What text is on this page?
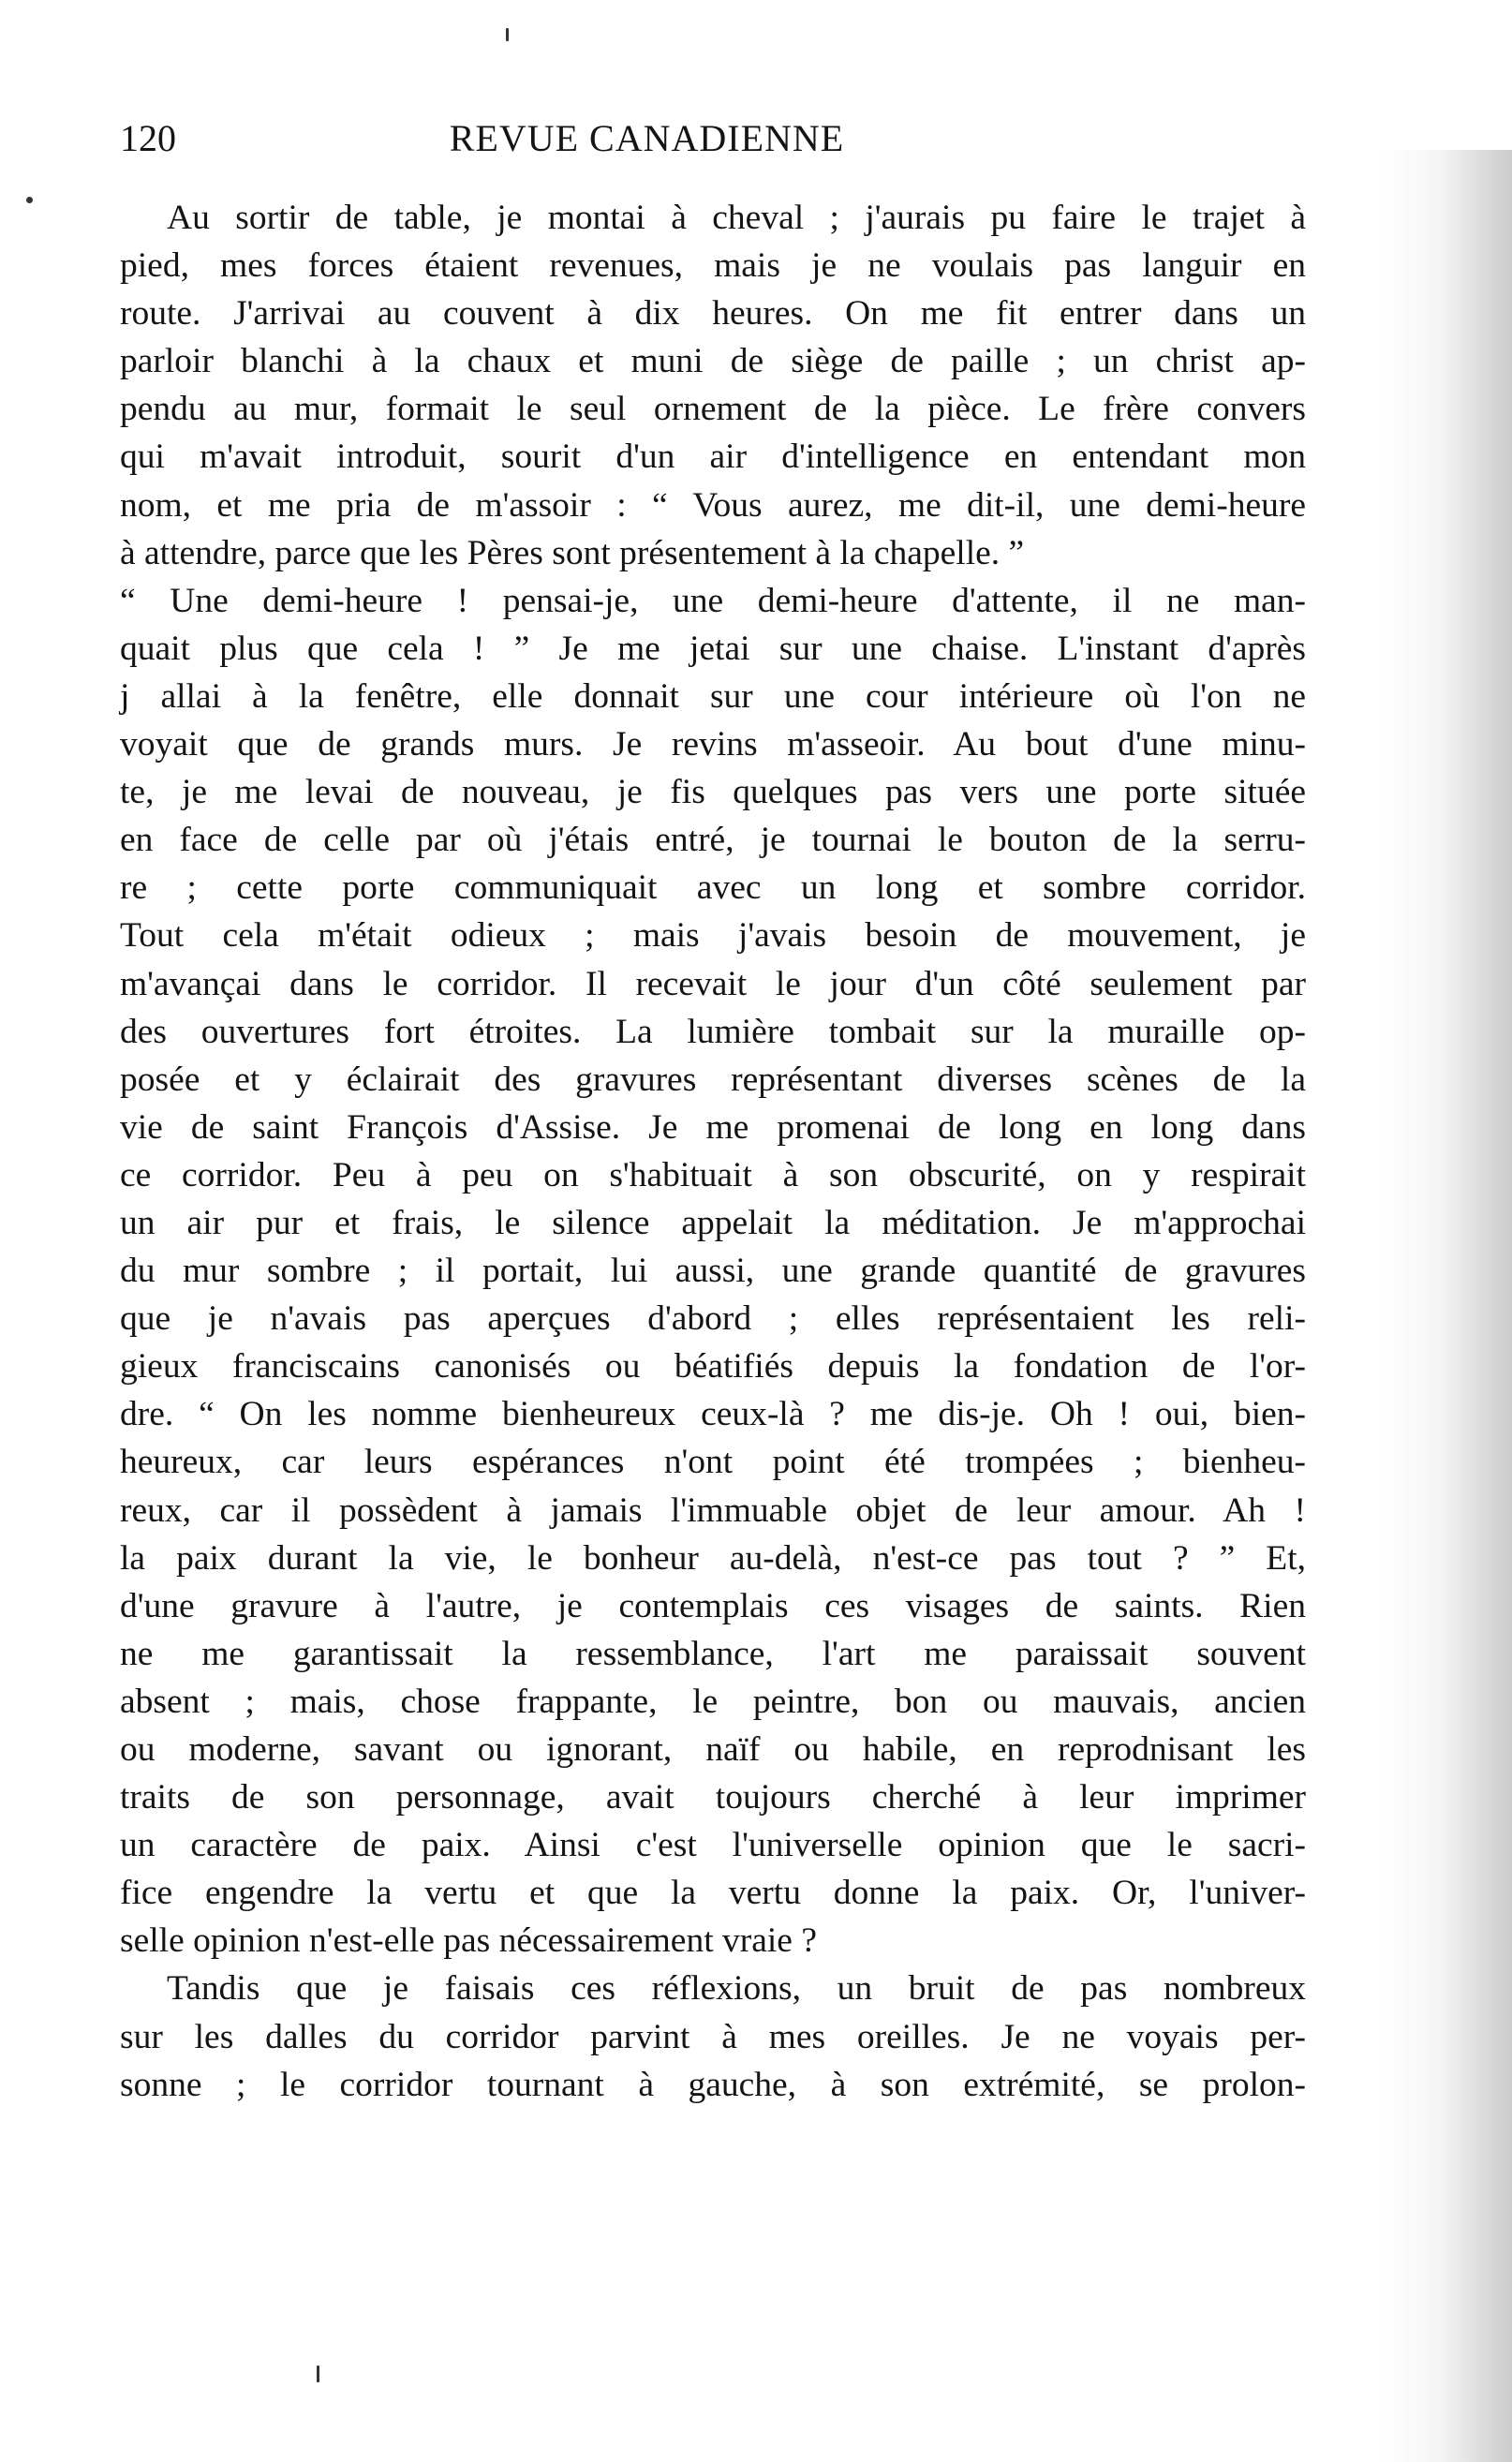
120	REVUE CANADIENNE
Au sortir de table, je montai à cheval ; j'aurais pu faire le trajet à
pied, mes forces étaient revenues, mais je ne voulais pas languir en
route. J'arrivai au couvent à dix heures. On me fit entrer dans un
parloir blanchi à la chaux et muni de siège de paille ; un christ ap-
pendu au mur, formait le seul ornement de la pièce. Le frère convers
qui m'avait introduit, sourit d'un air d'intelligence en entendant mon
nom, et me pria de m'assoir : “ Vous aurez, me dit-il, une demi-heure
à attendre, parce que les Pères sont présentement à la chapelle. ”
“ Une demi-heure ! pensai-je, une demi-heure d'attente, il ne man-
quait plus que cela ! ” Je me jetai sur une chaise. L'instant d'après
j allai à la fenêtre, elle donnait sur une cour intérieure où l'on ne
voyait que de grands murs. Je revins m'asseoir. Au bout d'une minu-
te, je me levai de nouveau, je fis quelques pas vers une porte située
en face de celle par où j'étais entré, je tournai le bouton de la serru-
re ; cette porte communiquait avec un long et sombre corridor.
Tout cela m'était odieux ; mais j'avais besoin de mouvement, je
m'avançai dans le corridor. Il recevait le jour d'un côté seulement par
des ouvertures fort étroites. La lumière tombait sur la muraille op-
posée et y éclairait des gravures représentant diverses scènes de la
vie de saint François d'Assise. Je me promenai de long en long dans
ce corridor. Peu à peu on s'habituait à son obscurité, on y respirait
un air pur et frais, le silence appelait la méditation. Je m'approchai
du mur sombre ; il portait, lui aussi, une grande quantité de gravures
que je n'avais pas aperçues d'abord ; elles représentaient les reli-
gieux franciscains canonisés ou béatifiés depuis la fondation de l'or-
dre. “ On les nomme bienheureux ceux-là ? me dis-je. Oh ! oui, bien-
heureux, car leurs espérances n'ont point été trompées ; bienheu-
reux, car il possèdent à jamais l'immuable objet de leur amour. Ah !
la paix durant la vie, le bonheur au-delà, n'est-ce pas tout ? ” Et,
d'une gravure à l'autre, je contemplais ces visages de saints. Rien
ne me garantissait la ressemblance, l'art me paraissait souvent
absent ; mais, chose frappante, le peintre, bon ou mauvais, ancien
ou moderne, savant ou ignorant, naïf ou habile, en reprodnisant les
traits de son personnage, avait toujours cherché à leur imprimer
un caractère de paix. Ainsi c'est l'universelle opinion que le sacri-
fice engendre la vertu et que la vertu donne la paix. Or, l'univer-
selle opinion n'est-elle pas nécessairement vraie ?
Tandis que je faisais ces réflexions, un bruit de pas nombreux
sur les dalles du corridor parvint à mes oreilles. Je ne voyais per-
sonne ; le corridor tournant à gauche, à son extrémité, se prolon-
